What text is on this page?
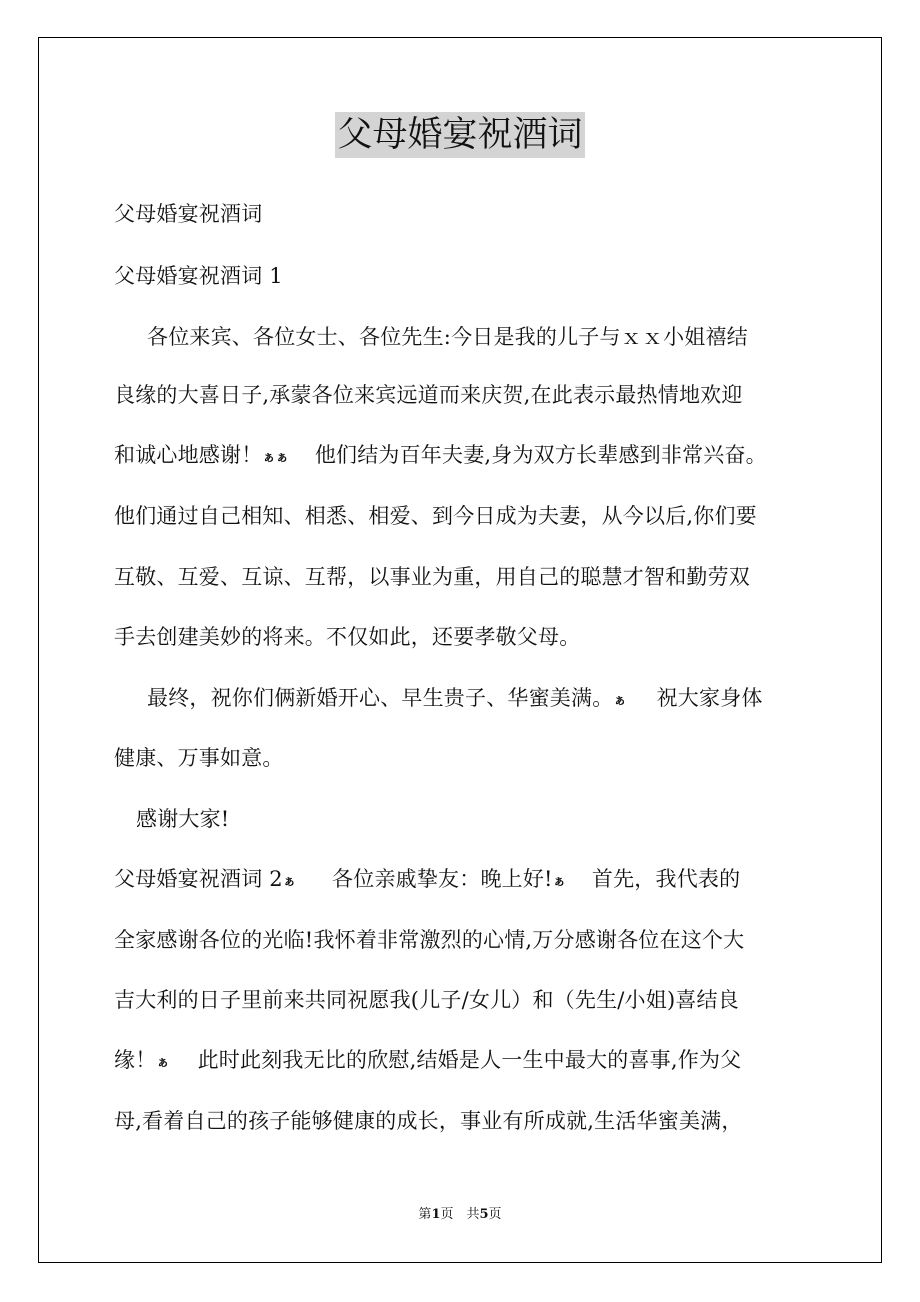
父母婚宴祝酒词
父母婚宴祝酒词
父母婚宴祝酒词 1
各位来宾、各位女士、各位先生:今日是我的儿子与ｘｘ小姐禧结
良缘的大喜日子,承蒙各位来宾远道而来庆贺,在此表示最热情地欢迎
和诚心地感谢！ぁぁ 他们结为百年夫妻,身为双方长辈感到非常兴奋。
他们通过自己相知、相悉、相爱、到今日成为夫妻，从今以后,你们要
互敬、互爱、互谅、互帮，以事业为重，用自己的聪慧才智和勤劳双
手去创建美妙的将来。不仅如此，还要孝敬父母。
最终，祝你们俩新婚开心、早生贵子、华蜜美满。ぁ 祝大家身体
健康、万事如意。
感谢大家!
父母婚宴祝酒词 2ぁ 各位亲戚挚友：晚上好!ぁ 首先，我代表的
全家感谢各位的光临!我怀着非常激烈的心情,万分感谢各位在这个大
吉大利的日子里前来共同祝愿我(儿子/女儿）和（先生/小姐)喜结良
缘！ぁ 此时此刻我无比的欣慰,结婚是人一生中最大的喜事,作为父
母,看着自己的孩子能够健康的成长，事业有所成就,生活华蜜美满，
第1页　共5页
